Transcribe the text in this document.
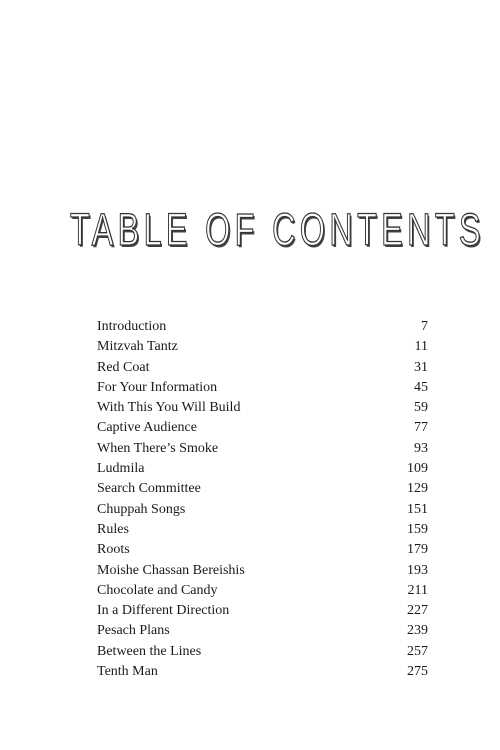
TABLE OF CONTENTS
Introduction	7
Mitzvah Tantz	11
Red Coat	31
For Your Information	45
With This You Will Build	59
Captive Audience	77
When There’s Smoke	93
Ludmila	109
Search Committee	129
Chuppah Songs	151
Rules	159
Roots	179
Moishe Chassan Bereishis	193
Chocolate and Candy	211
In a Different Direction	227
Pesach Plans	239
Between the Lines	257
Tenth Man	275
